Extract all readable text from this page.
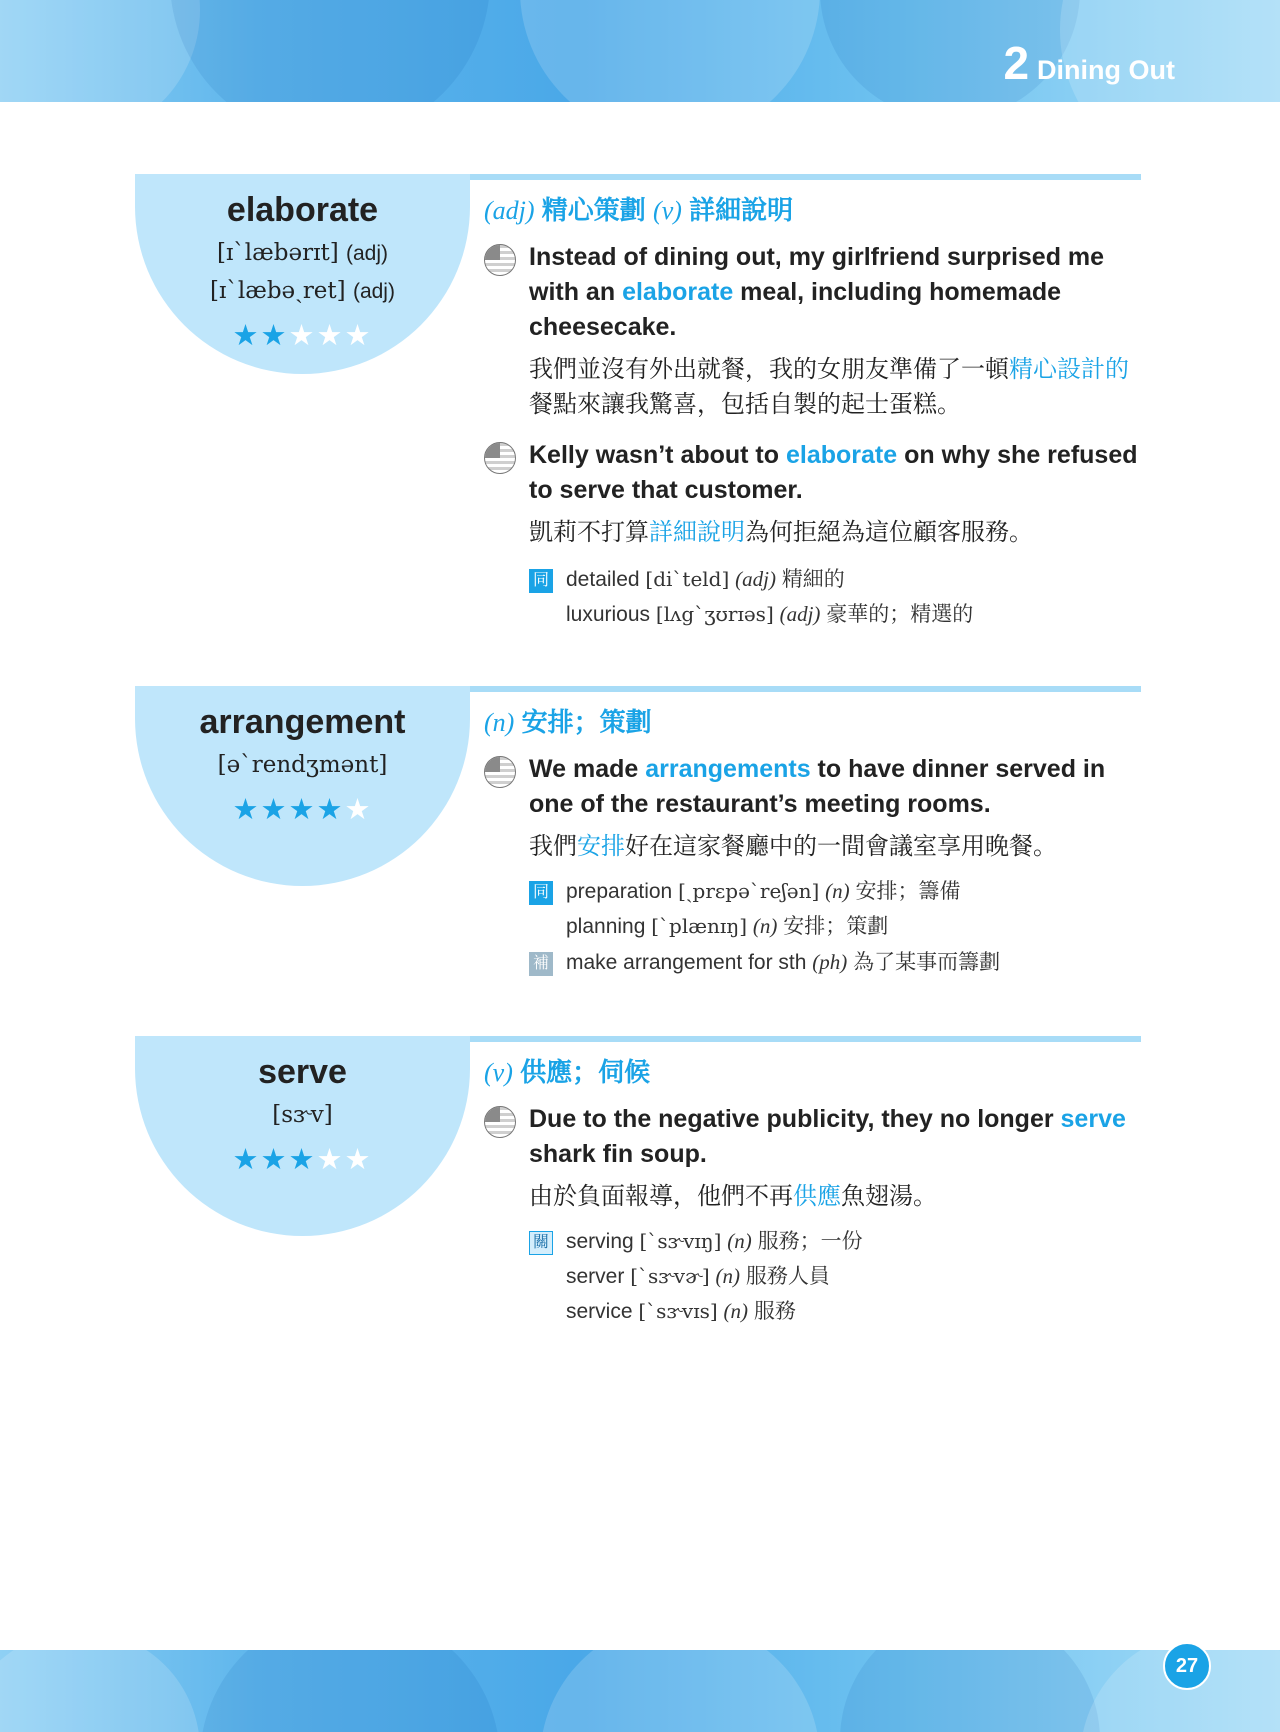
2 Dining Out
elaborate
[ɪˋlæbərɪt] (adj)
[ɪˋlæbəˏret] (adj)
★★★★★
(adj) 精心策劃 (v) 詳細說明
Instead of dining out, my girlfriend surprised me with an elaborate meal, including homemade cheesecake.
我們並沒有外出就餐，我的女朋友準備了一頓精心設計的餐點來讓我驚喜，包括自製的起士蛋糕。
Kelly wasn’t about to elaborate on why she refused to serve that customer.
凱莉不打算詳細說明為何拒絕為這位顧客服務。
同 detailed [diˋteld] (adj) 精細的
luxurious [lʌgˋʒʊrɪəs] (adj) 豪華的；精選的
arrangement
[əˋrendʒmənt]
★★★★★
(n) 安排；策劃
We made arrangements to have dinner served in one of the restaurant’s meeting rooms.
我們安排好在這家餐廳中的一間會議室享用晚餐。
同 preparation [ˏprɛpəˋreʃən] (n) 安排；籌備
planning [ˋplænɪŋ] (n) 安排；策劃
補 make arrangement for sth (ph) 為了某事而籌劃
serve
[sɝv]
★★★★★
(v) 供應；伺候
Due to the negative publicity, they no longer serve shark fin soup.
由於負面報導，他們不再供應魚翅湯。
關 serving [ˋsɝvɪŋ] (n) 服務；一份
server [ˋsɝvɚ] (n) 服務人員
service [ˋsɝvɪs] (n) 服務
27
